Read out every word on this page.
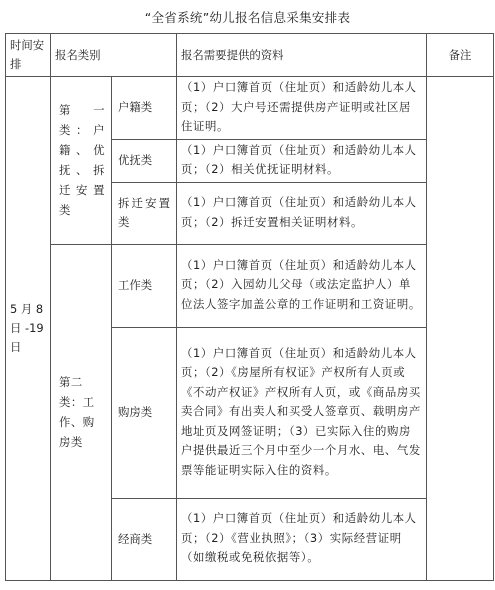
“全省系统”幼儿报名信息采集安排表
时间安排	报名类别		报名需要提供的资料	备注
5 月 8 日 -19 日	第一类：户籍、优抚、拆迁安置类	户籍类	（1）户口簿首页（住址页）和适龄幼儿本人页；（2）大户号还需提供房产证明或社区居住证明。	
		优抚类	（1）户口簿首页（住址页）和适龄幼儿本人页；（2）相关优抚证明材料。	
		拆迁安置类	（1）户口簿首页（住址页）和适龄幼儿本人页；（2）拆迁安置相关证明材料。	
	第二类：工作、购房类	工作类	（1）户口簿首页（住址页）和适龄幼儿本人页；（2）入园幼儿父母（或法定监护人）单位法人签字加盖公章的工作证明和工资证明。	
		购房类	（1）户口簿首页（住址页）和适龄幼儿本人页；（2）《房屋所有权证》产权所有人页或《不动产权证》产权所有人页，或《商品房买卖合同》有出卖人和买受人签章页、载明房产地址页及网签证明；（3）已实际入住的购房户提供最近三个月中至少一个月水、电、气发票等能证明实际入住的资料。	
		经商类	（1）户口簿首页（住址页）和适龄幼儿本人页；（2）《营业执照》；（3）实际经营证明（如缴税或免税依据等）。	
